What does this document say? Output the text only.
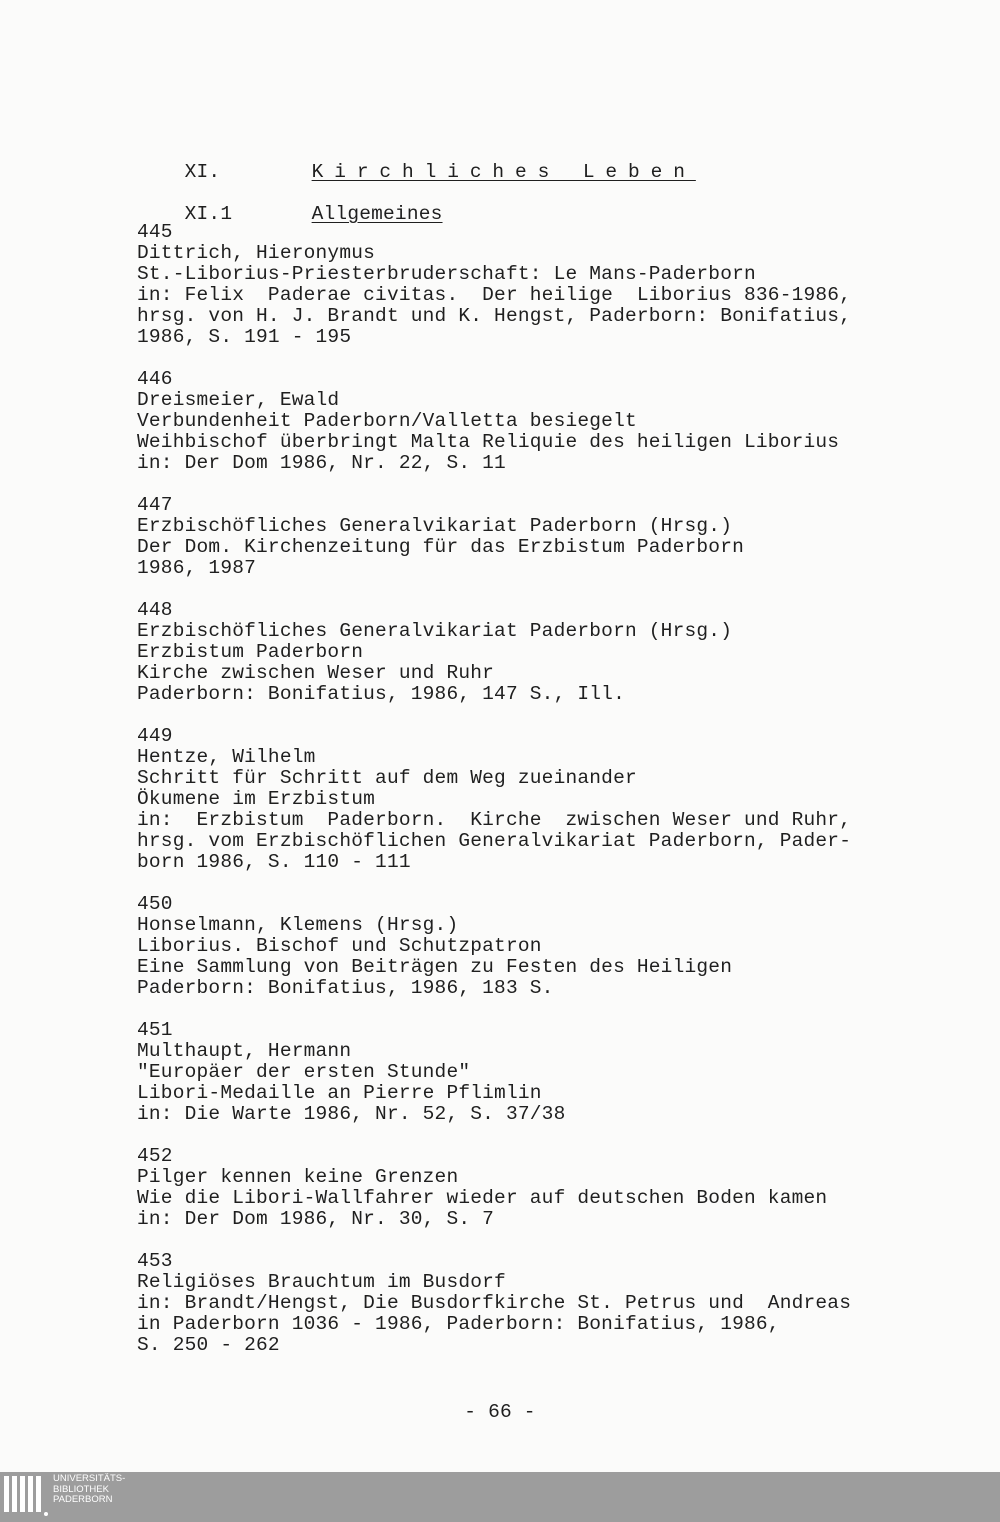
XI.	Kirchliches Leben

XI.1	Allgemeines

445
Dittrich, Hieronymus
St.-Liborius-Priesterbruderschaft: Le Mans-Paderborn
in: Felix  Paderae civitas.  Der heilige  Liborius 836-1986,
hrsg. von H. J. Brandt und K. Hengst, Paderborn: Bonifatius,
1986, S. 191 - 195
446
Dreismeier, Ewald
Verbundenheit Paderborn/Valletta besiegelt
Weihbischof überbringt Malta Reliquie des heiligen Liborius
in: Der Dom 1986, Nr. 22, S. 11
447
Erzbischöfliches Generalvikariat Paderborn (Hrsg.)
Der Dom. Kirchenzeitung für das Erzbistum Paderborn
1986, 1987
448
Erzbischöfliches Generalvikariat Paderborn (Hrsg.)
Erzbistum Paderborn
Kirche zwischen Weser und Ruhr
Paderborn: Bonifatius, 1986, 147 S., Ill.
449
Hentze, Wilhelm
Schritt für Schritt auf dem Weg zueinander
Ökumene im Erzbistum
in:  Erzbistum  Paderborn.  Kirche  zwischen Weser und Ruhr,
hrsg. vom Erzbischöflichen Generalvikariat Paderborn, Pader-
born 1986, S. 110 - 111
450
Honselmann, Klemens (Hrsg.)
Liborius. Bischof und Schutzpatron
Eine Sammlung von Beiträgen zu Festen des Heiligen
Paderborn: Bonifatius, 1986, 183 S.
451
Multhaupt, Hermann
"Europäer der ersten Stunde"
Libori-Medaille an Pierre Pflimlin
in: Die Warte 1986, Nr. 52, S. 37/38
452
Pilger kennen keine Grenzen
Wie die Libori-Wallfahrer wieder auf deutschen Boden kamen
in: Der Dom 1986, Nr. 30, S. 7
453
Religiöses Brauchtum im Busdorf
in: Brandt/Hengst, Die Busdorfkirche St. Petrus und  Andreas
in Paderborn 1036 - 1986, Paderborn: Bonifatius, 1986,
S. 250 - 262
- 66 -
UNIVERSITÄTS-
BIBLIOTHEK
PADERBORN
